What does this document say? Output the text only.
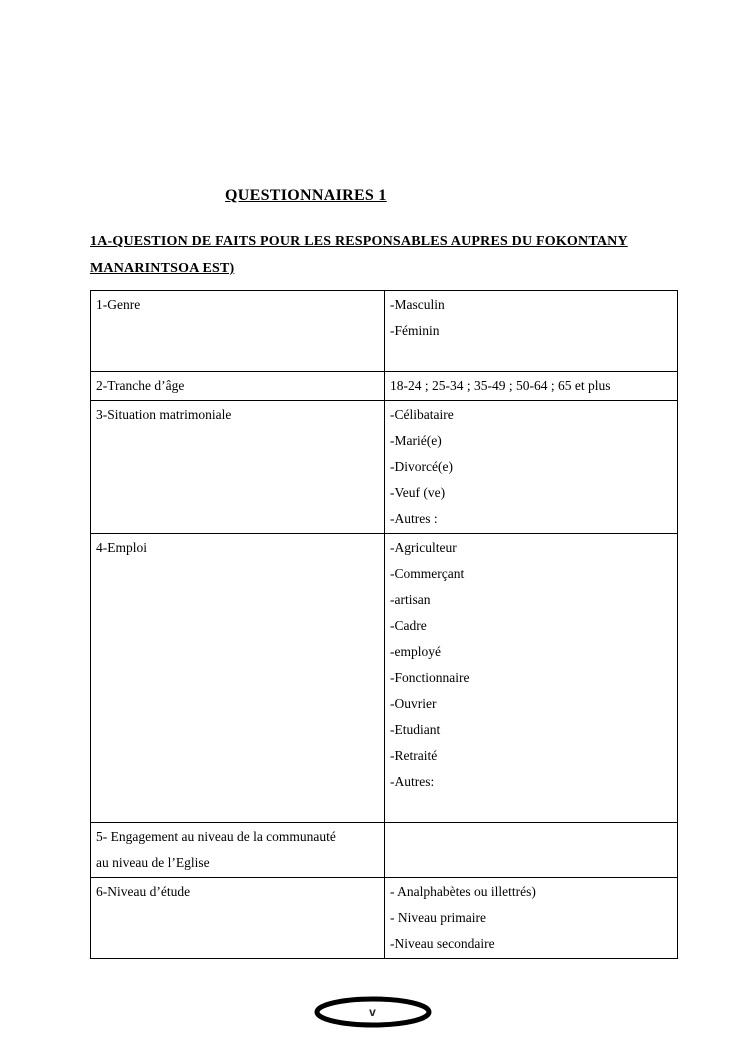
QUESTIONNAIRES 1
1A-QUESTION DE FAITS POUR LES RESPONSABLES AUPRES DU FOKONTANY
MANARINTSOA EST)
1-Genre	-Masculin
-Féminin

2-Tranche d’âge	18-24 ; 25-34 ; 35-49 ; 50-64 ; 65 et plus

3-Situation matrimoniale	-Célibataire
-Marié(e)
-Divorcé(e)
-Veuf (ve)
-Autres :

4-Emploi	-Agriculteur
-Commerçant
-artisan
-Cadre
-employé
-Fonctionnaire
-Ouvrier
-Etudiant
-Retraité
-Autres:

5- Engagement au niveau de la communauté
au niveau de l’Eglise	

6-Niveau d’étude	- Analphabètes ou illettrés)
- Niveau primaire
-Niveau secondaire
v
